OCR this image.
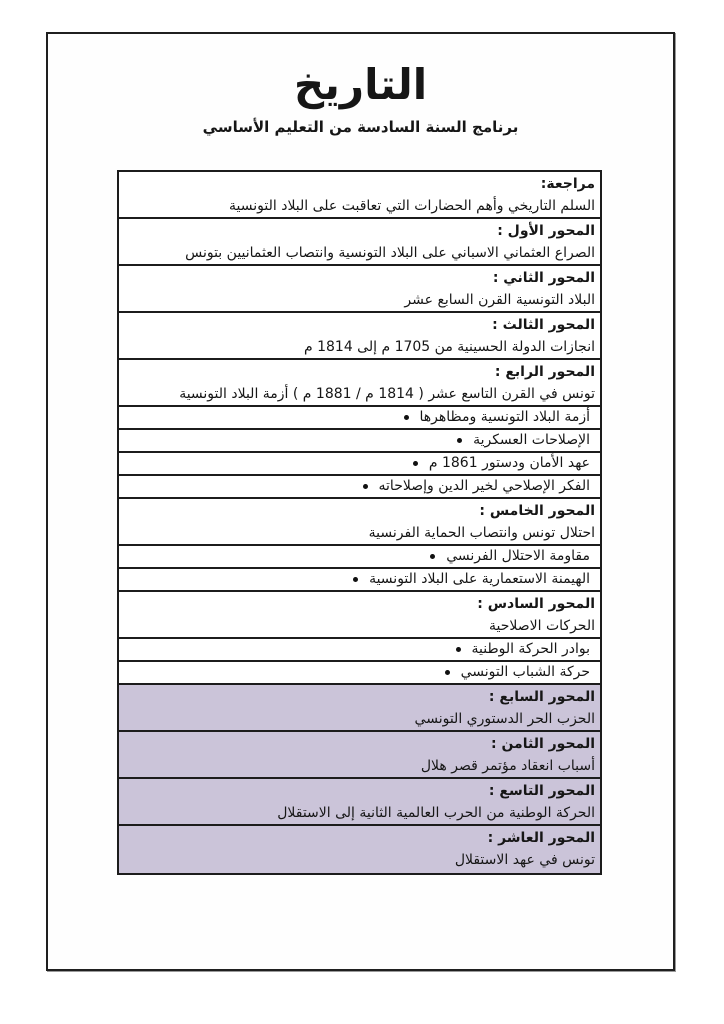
التاريخ
برنامج السنة السادسة من التعليم الأساسي
مراجعة:
السلم التاريخي وأهم الحضارات التي تعاقبت على البلاد التونسية
المحور الأول :
الصراع العثماني الاسباني على البلاد التونسية وانتصاب العثمانيين بتونس
المحور الثاني :
البلاد التونسية القرن السابع عشر
المحور الثالث :
انجازات الدولة الحسينية من 1705 م إلى 1814 م
المحور الرابع :
تونس في القرن التاسع عشر ( 1814 م / 1881 م ) أزمة البلاد التونسية
أزمة البلاد التونسية ومظاهرها
الإصلاحات العسكرية
عهد الأمان ودستور 1861 م
الفكر الإصلاحي لخير الدين وإصلاحاته
المحور الخامس :
احتلال تونس وانتصاب الحماية الفرنسية
مقاومة الاحتلال الفرنسي
الهيمنة الاستعمارية على البلاد التونسية
المحور السادس :
الحركات الاصلاحية
بوادر الحركة الوطنية
حركة الشباب التونسي
المحور السابع :
الحزب الحر الدستوري التونسي
المحور الثامن :
أسباب انعقاد مؤتمر قصر هلال
المحور التاسع :
الحركة الوطنية من الحرب العالمية الثانية إلى الاستقلال
المحور العاشر :
تونس في عهد الاستقلال
